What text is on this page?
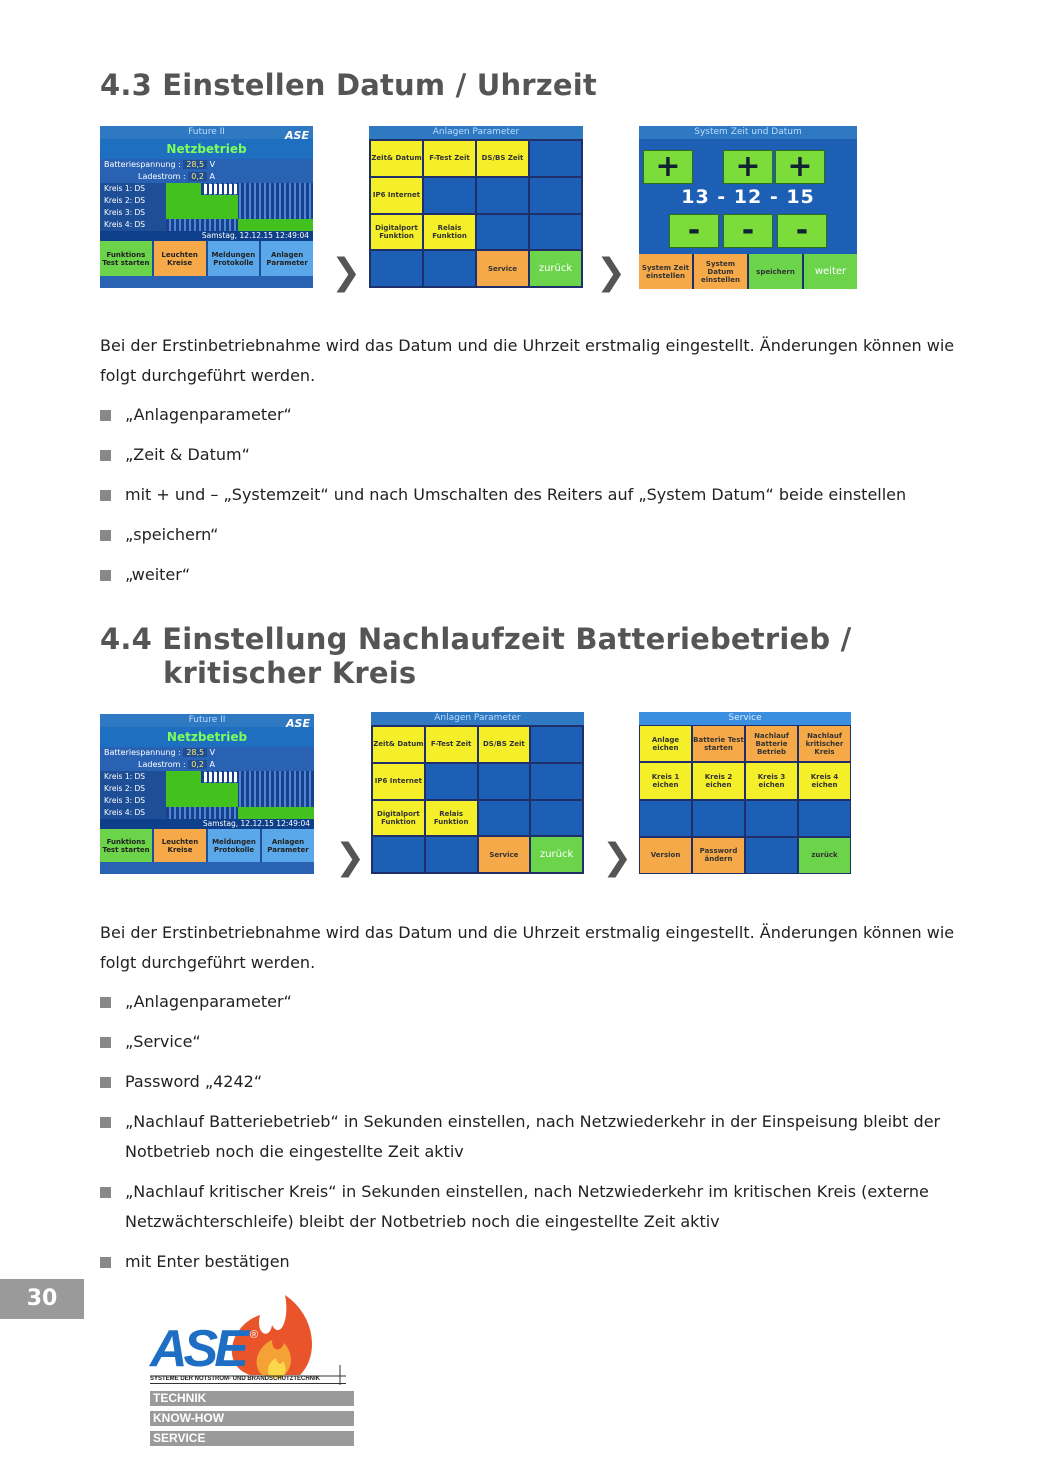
4.3 Einstellen Datum / Uhrzeit
Future II	ASE
Netzbetrieb
Batteriespannung : 28,5 V
Ladestrom : 0,2 A
Kreis 1: DS
Kreis 2: DS
Kreis 3: DS
Kreis 4: DS
Samstag, 12.12.15 12:49:04
Funktions Test starten
Leuchten Kreise
Meldungen Protokolle
Anlagen Parameter ❯
Anlagen Parameter
Zeit& Datum	F-Test Zeit	DS/BS Zeit
IP6 Internet
Digitalport Funktion
Relais Funktion
Service	zurück ❯
System Zeit und Datum
+	+ +
13 - 12 - 15
-	-	-
System Zeit einstellen
System Datum einstellen
speichern	weiter

Bei der Erstinbetriebnahme wird das Datum und die Uhrzeit erstmalig eingestellt. Änderungen können wie folgt durchgeführt werden.

„Anlagenparameter“
„Zeit & Datum“
mit + und – „Systemzeit“ und nach Umschalten des Reiters auf „System Datum“ beide einstellen
„speichern“
„weiter“
4.4 Einstellung Nachlaufzeit Batteriebetrieb /
kritischer Kreis
Future II	ASE
Netzbetrieb
Batteriespannung : 28,5 V
Ladestrom : 0,2 A
Kreis 1: DS
Kreis 2: DS
Kreis 3: DS
Kreis 4: DS
Samstag, 12.12.15 12:49:04
Funktions Test starten
Leuchten Kreise
Meldungen Protokolle
Anlagen Parameter ❯
Anlagen Parameter
Zeit& Datum	F-Test Zeit	DS/BS Zeit
IP6 Internet
Digitalport Funktion
Relais Funktion
Service	zurück ❯
Service
Anlage eichen
Batterie Test starten
Nachlauf Batterie Betrieb
Nachlauf kritischer Kreis
Kreis 1 eichen
Kreis 2 eichen
Kreis 3 eichen
Kreis 4 eichen
Version	Password ändern	zurück

Bei der Erstinbetriebnahme wird das Datum und die Uhrzeit erstmalig eingestellt. Änderungen können wie folgt durchgeführt werden.

„Anlagenparameter“
„Service“
Password „4242“
„Nachlauf Batteriebetrieb“ in Sekunden einstellen, nach Netzwiederkehr in der Einspeisung bleibt der Notbetrieb noch die eingestellte Zeit aktiv
„Nachlauf kritischer Kreis“ in Sekunden einstellen, nach Netzwiederkehr im kritischen Kreis (externe Netzwächterschleife) bleibt der Notbetrieb noch die eingestellte Zeit aktiv
mit Enter bestätigen
30
ASE ®
SYSTEME DER NOTSTROM- UND BRANDSCHUTZTECHNIK
TECHNIK
KNOW-HOW
SERVICE
